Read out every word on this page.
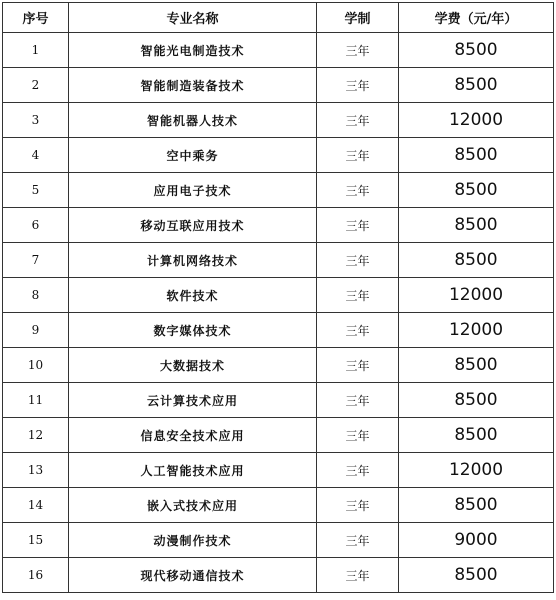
序号	专业名称	学制	学费（元/年）
1	智能光电制造技术	三年	8500
2	智能制造装备技术	三年	8500
3	智能机器人技术	三年	12000
4	空中乘务	三年	8500
5	应用电子技术	三年	8500
6	移动互联应用技术	三年	8500
7	计算机网络技术	三年	8500
8	软件技术	三年	12000
9	数字媒体技术	三年	12000
10	大数据技术	三年	8500
11	云计算技术应用	三年	8500
12	信息安全技术应用	三年	8500
13	人工智能技术应用	三年	12000
14	嵌入式技术应用	三年	8500
15	动漫制作技术	三年	9000
16	现代移动通信技术	三年	8500
